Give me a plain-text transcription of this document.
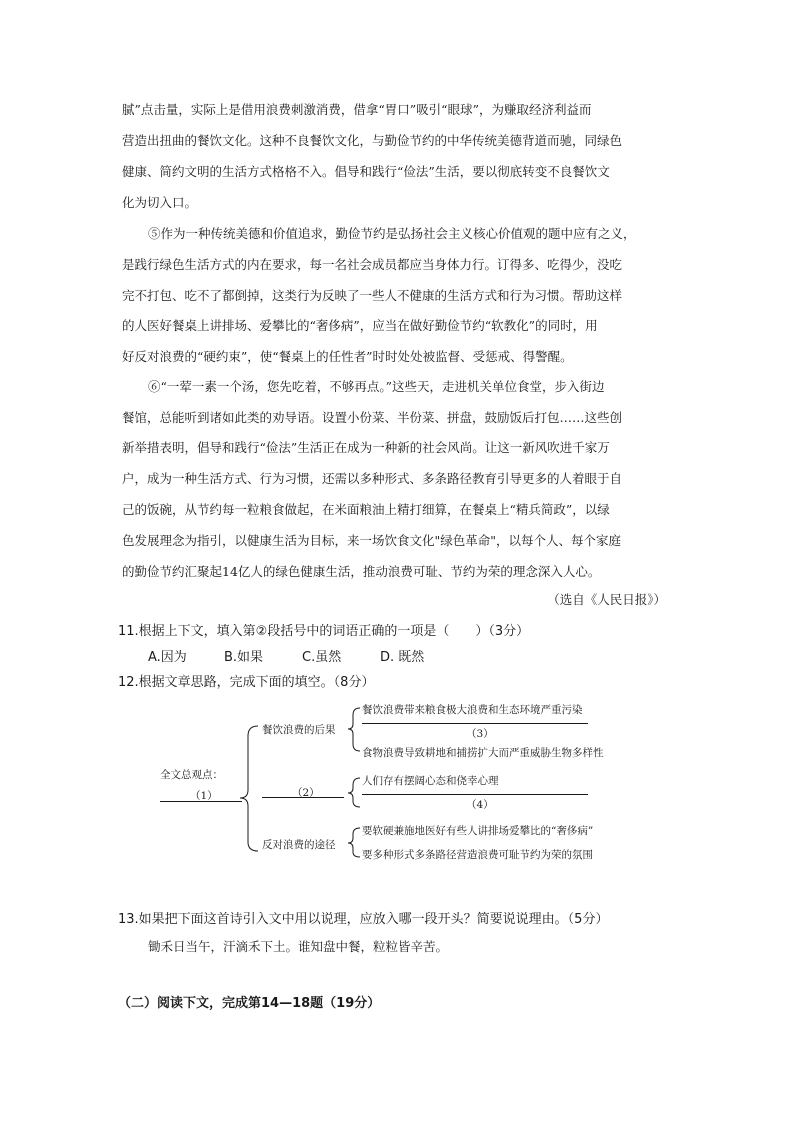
腻”点击量，实际上是借用浪费刺激消费，借拿“胃口”吸引“眼球”，为赚取经济利益而
营造出扭曲的餐饮文化。这种不良餐饮文化，与勤俭节约的中华传统美德背道而驰，同绿色
健康、简约文明的生活方式格格不入。倡导和践行“俭法”生活，要以彻底转变不良餐饮文
化为切入口。
⑤作为一种传统美德和价值追求，勤俭节约是弘扬社会主义核心价值观的题中应有之义，
是践行绿色生活方式的内在要求，每一名社会成员都应当身体力行。订得多、吃得少，没吃
完不打包、吃不了都倒掉，这类行为反映了一些人不健康的生活方式和行为习惯。帮助这样
的人医好餐桌上讲排场、爱攀比的“奢侈病”，应当在做好勤俭节约“软教化”的同时，用
好反对浪费的“硬约束”，使“餐桌上的任性者”时时处处被监督、受惩戒、得警醒。
⑥“一荤一素一个汤，您先吃着，不够再点。”这些天，走进机关单位食堂，步入街边
餐馆，总能听到诸如此类的劝导语。设置小份菜、半份菜、拼盘，鼓励饭后打包……这些创
新举措表明，倡导和践行“俭法”生活正在成为一种新的社会风尚。让这一新风吹进千家万
户，成为一种生活方式、行为习惯，还需以多种形式、多条路径教育引导更多的人着眼于自
己的饭碗，从节约每一粒粮食做起，在米面粮油上精打细算，在餐桌上“精兵简政”，以绿
色发展理念为指引，以健康生活为目标，来一场饮食文化"绿色革命"，以每个人、每个家庭
的勤俭节约汇聚起14亿人的绿色健康生活，推动浪费可耻、节约为荣的理念深入人心。
（选自《人民日报》）
11.根据上下文，填入第②段括号中的词语正确的一项是（　　）（3分）
A.因为	B.如果	C.虽然	D. 既然
12.根据文章思路，完成下面的填空。（8分）
全文总观点：
（1）
餐饮浪费的后果
餐饮浪费带来粮食极大浪费和生态环境严重污染
（3）
食物浪费导致耕地和捕捞扩大而严重威胁生物多样性
（2）
人们存有摆阔心态和侥幸心理
（4）
反对浪费的途径
要软硬兼施地医好有些人讲排场爱攀比的“奢侈病”
要多种形式多条路径营造浪费可耻节约为荣的氛围
13.如果把下面这首诗引入文中用以说理，应放入哪一段开头？简要说说理由。（5分）
锄禾日当午，汗滴禾下土。谁知盘中餐，粒粒皆辛苦。
（二）阅读下文，完成第14—18题（19分）
